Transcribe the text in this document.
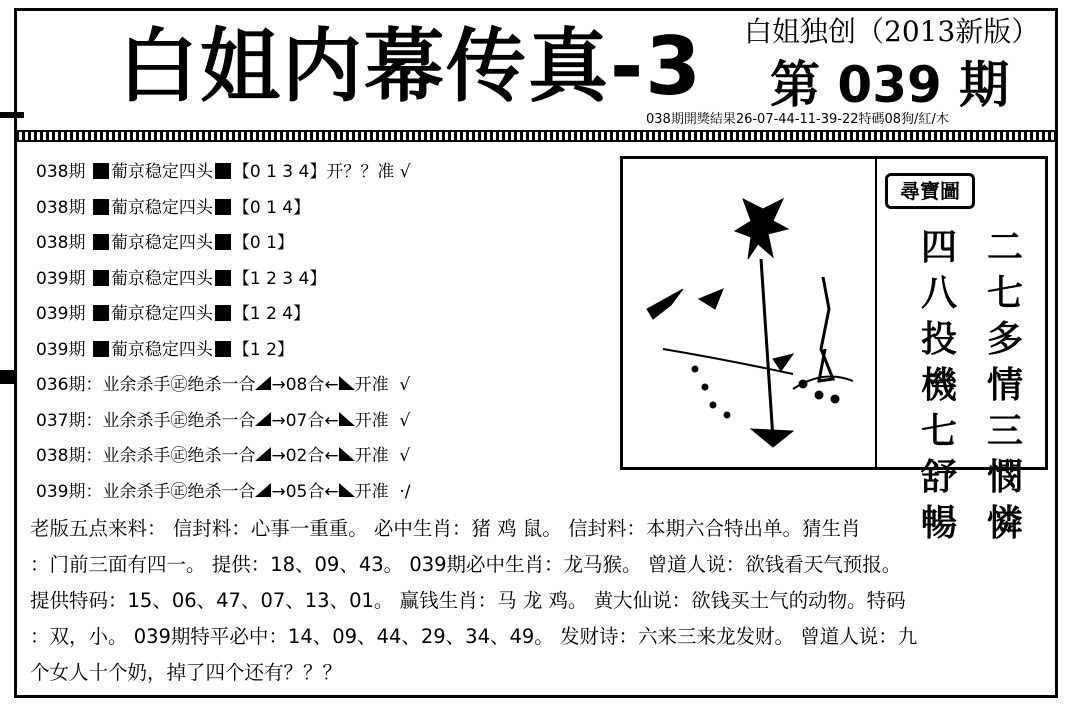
白姐内幕传真-3 白姐独创（2013新版）
第 039 期
038期開獎結果26-07-44-11-39-22特碼08狗/紅/木
038期 葡京稳定四头 【0 1 3 4】开？？准 √
038期 葡京稳定四头 【0 1 4】
038期 葡京稳定四头 【0 1】
039期 葡京稳定四头 【1 2 3 4】
039期 葡京稳定四头 【1 2 4】
039期 葡京稳定四头 【1 2】
036期：业余杀手㊣绝杀一合 →08合← 开准 √
037期：业余杀手㊣绝杀一合 →07合← 开准 √
038期：业余杀手㊣绝杀一合 →02合← 开准 √
039期：业余杀手㊣绝杀一合 →05合← 开准 ·/
尋寶圖
二七多情三憫憐
四八投機七舒暢
老版五点来料： 信封料：心事一重重。 必中生肖：猪 鸡 鼠。 信封料：本期六合特出单。猜生肖
：门前三面有四一。 提供：18、09、43。 039期必中生肖：龙马猴。 曾道人说：欲钱看天气预报。
提供特码：15、06、47、07、13、01。 赢钱生肖：马 龙 鸡。 黄大仙说：欲钱买土气的动物。特码
：双，小。 039期特平必中：14、09、44、29、34、49。 发财诗：六来三来龙发财。 曾道人说：九
个女人十个奶，掉了四个还有？？？
